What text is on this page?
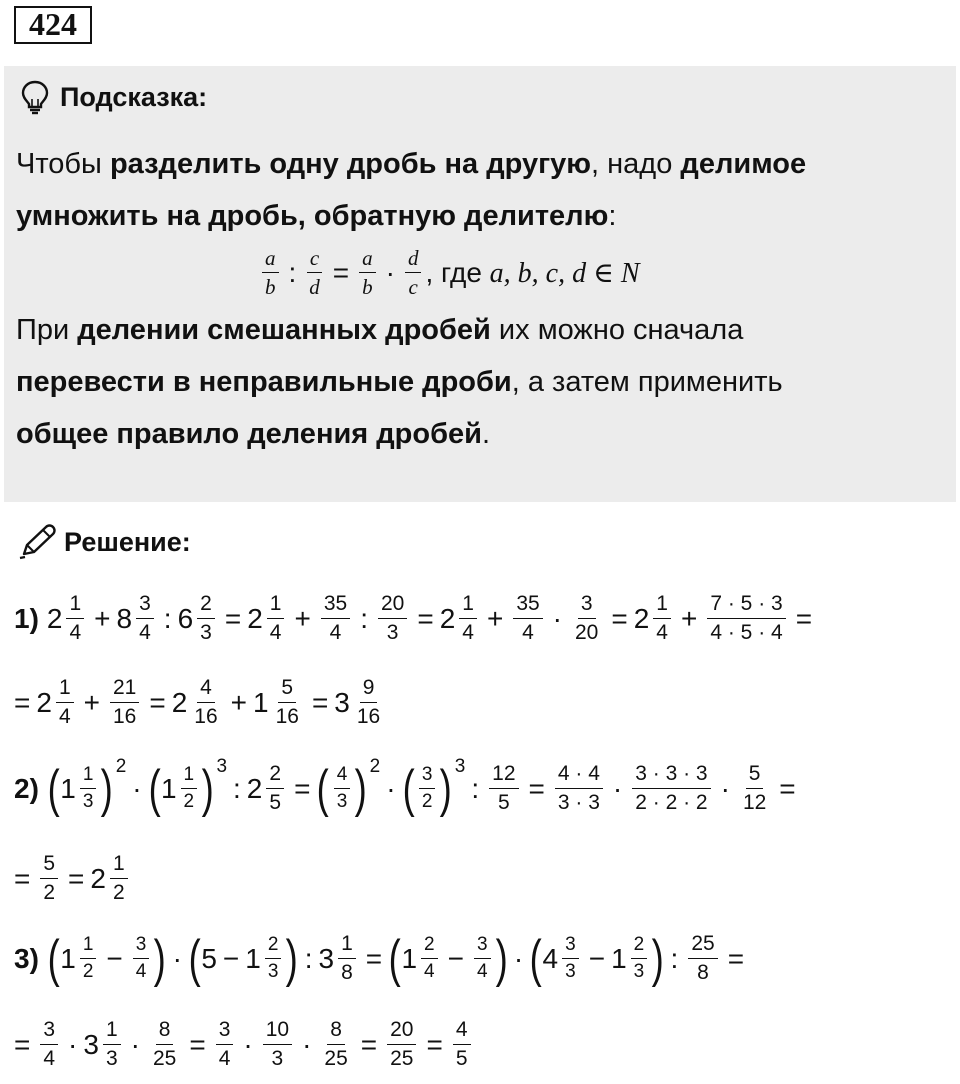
424
Подсказка:
Чтобы разделить одну дробь на другую, надо делимое
умножить на дробь, обратную делителю:
$\frac{a}{b}$ : $\frac{c}{d} = \frac{a}{b} \cdot \frac{d}{c}$ , где a, b, c, d ∈ N
При делении смешанных дробей их можно сначала
перевести в неправильные дроби, а затем применить
общее правило деления дробей.
Решение:
1) $2 \frac{1}{4} + 8 \frac{3}{4}$ : $6 \frac{2}{3} = 2 \frac{1}{4} + \frac{35}{4}$ : $\frac{20}{3} = 2 \frac{1}{4} + \frac{35}{4} \cdot \frac{3}{20} = 2 \frac{1}{4} + \frac{7 \cdot 5 \cdot 3}{4 \cdot 5 \cdot 4}$ =
= $2 \frac{1}{4} + \frac{21}{16} = 2 \frac{4}{16} + 1 \frac{5}{16} = 3 \frac{9}{16}$
2) ( $1 \frac{1}{3}$ ) 2
· ( $1 \frac{1}{2}$ ) 3
: $2 \frac{2}{5}$ = ( $\frac{4}{3}$ ) 2
· ( $\frac{3}{2}$ ) 3
: $\frac{12}{5} = \frac{4 \cdot 4}{3 \cdot 3} \cdot \frac{3 \cdot 3 \cdot 3}{2 \cdot 2 \cdot 2} \cdot \frac{5}{12}$ =
= $\frac{5}{2} = 2 \frac{1}{2}$
3) ( $1 \frac{1}{2} - \frac{3}{4}$ ) · ( $5 - 1 \frac{2}{3}$ ) : $3 \frac{1}{8}$ = ( $1 \frac{2}{4} - \frac{3}{4}$ ) · ( $4 \frac{3}{3} - 1 \frac{2}{3}$ ) : $\frac{25}{8}$ =
= $\frac{3}{4} \cdot 3 \frac{1}{3} \cdot \frac{8}{25} = \frac{3}{4} \cdot \frac{10}{3} \cdot \frac{8}{25} = \frac{20}{25} = \frac{4}{5}$
